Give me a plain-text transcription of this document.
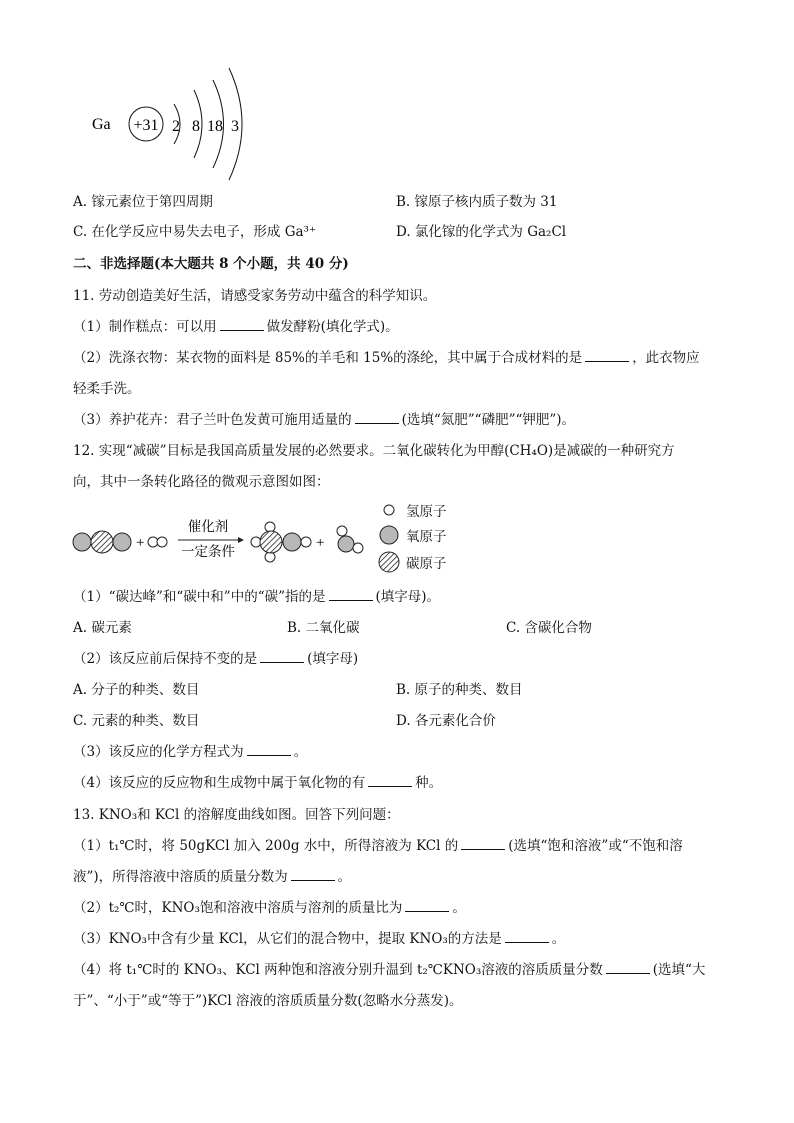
Ga +31 2 8 18 3
A. 镓元素位于第四周期	B. 镓原子核内质子数为 31
C. 在化学反应中易失去电子，形成 Ga³⁺	D. 氯化镓的化学式为 Ga₂Cl
二、非选择题(本大题共 8 个小题，共 40 分)
11. 劳动创造美好生活，请感受家务劳动中蕴含的科学知识。
（1）制作糕点：可以用	做发酵粉(填化学式)。
（2）洗涤衣物：某衣物的面料是 85%的羊毛和 15%的涤纶，其中属于合成材料的是	，此衣物应
轻柔手洗。
（3）养护花卉：君子兰叶色发黄可施用适量的	(选填“氮肥”“磷肥”“钾肥”)。
12. 实现“减碳”目标是我国高质量发展的必然要求。二氧化碳转化为甲醇(CH₄O)是减碳的一种研究方
向，其中一条转化路径的微观示意图如图：
+
催化剂
一定条件
+
氢原子
氧原子
碳原子
（1）“碳达峰”和“碳中和”中的“碳”指的是	(填字母)。
A. 碳元素	B. 二氧化碳	C. 含碳化合物
（2）该反应前后保持不变的是	(填字母)
A. 分子的种类、数目	B. 原子的种类、数目
C. 元素的种类、数目	D. 各元素化合价
（3）该反应的化学方程式为	。
（4）该反应的反应物和生成物中属于氧化物的有	种。
13. KNO₃和 KCl 的溶解度曲线如图。回答下列问题：
（1）t₁℃时，将 50gKCl 加入 200g 水中，所得溶液为 KCl 的	(选填“饱和溶液”或“不饱和溶
液”)，所得溶液中溶质的质量分数为	。
（2）t₂℃时，KNO₃饱和溶液中溶质与溶剂的质量比为	。
（3）KNO₃中含有少量 KCl，从它们的混合物中，提取 KNO₃的方法是	。
（4）将 t₁℃时的 KNO₃、KCl 两种饱和溶液分别升温到 t₂℃KNO₃溶液的溶质质量分数	(选填“大
于”、“小于”或“等于”)KCl 溶液的溶质质量分数(忽略水分蒸发)。
